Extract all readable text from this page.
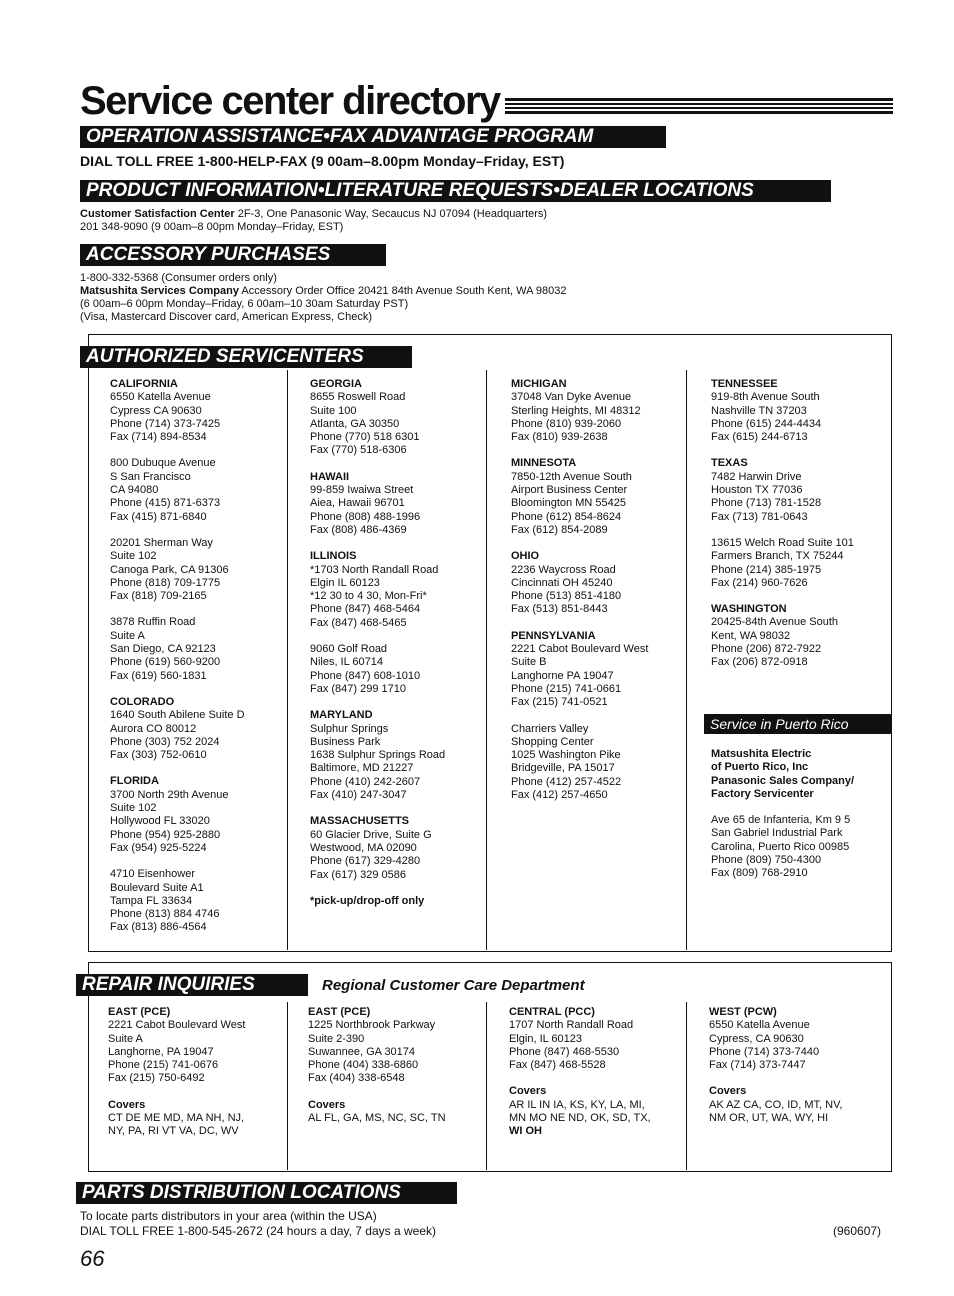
Service center directory
OPERATION ASSISTANCE•FAX ADVANTAGE PROGRAM
DIAL TOLL FREE 1-800-HELP-FAX (9 00am–8.00pm Monday–Friday, EST)
PRODUCT INFORMATION•LITERATURE REQUESTS•DEALER LOCATIONS
Customer Satisfaction Center 2F-3, One Panasonic Way, Secaucus NJ 07094 (Headquarters)
201 348-9090 (9 00am–8 00pm Monday–Friday, EST)
ACCESSORY PURCHASES
1-800-332-5368 (Consumer orders only)
Matsushita Services Company Accessory Order Office 20421 84th Avenue South Kent, WA 98032
(6 00am–6 00pm Monday–Friday, 6 00am–10 30am Saturday PST)
(Visa, Mastercard Discover card, American Express, Check)
AUTHORIZED SERVICENTERS
CALIFORNIA
6550 Katella Avenue
Cypress CA 90630
Phone (714) 373-7425
Fax (714) 894-8534
800 Dubuque Avenue
S San Francisco
CA 94080
Phone (415) 871-6373
Fax (415) 871-6840
20201 Sherman Way
Suite 102
Canoga Park, CA 91306
Phone (818) 709-1775
Fax (818) 709-2165
3878 Ruffin Road
Suite A
San Diego, CA 92123
Phone (619) 560-9200
Fax (619) 560-1831
COLORADO
1640 South Abilene Suite D
Aurora CO 80012
Phone (303) 752 2024
Fax (303) 752-0610
FLORIDA
3700 North 29th Avenue
Suite 102
Hollywood FL 33020
Phone (954) 925-2880
Fax (954) 925-5224
4710 Eisenhower
Boulevard Suite A1
Tampa FL 33634
Phone (813) 884 4746
Fax (813) 886-4564
GEORGIA
8655 Roswell Road
Suite 100
Atlanta, GA 30350
Phone (770) 518 6301
Fax (770) 518-6306
HAWAII
99-859 Iwaiwa Street
Aiea, Hawaii 96701
Phone (808) 488-1996
Fax (808) 486-4369
ILLINOIS
*1703 North Randall Road
Elgin IL 60123
*12 30 to 4 30, Mon-Fri*
Phone (847) 468-5464
Fax (847) 468-5465
9060 Golf Road
Niles, IL 60714
Phone (847) 608-1010
Fax (847) 299 1710
MARYLAND
Sulphur Springs
Business Park
1638 Sulphur Springs Road
Baltimore, MD 21227
Phone (410) 242-2607
Fax (410) 247-3047
MASSACHUSETTS
60 Glacier Drive, Suite G
Westwood, MA 02090
Phone (617) 329-4280
Fax (617) 329 0586
*pick-up/drop-off only
MICHIGAN
37048 Van Dyke Avenue
Sterling Heights, MI 48312
Phone (810) 939-2060
Fax (810) 939-2638
MINNESOTA
7850-12th Avenue South
Airport Business Center
Bloomington MN 55425
Phone (612) 854-8624
Fax (612) 854-2089
OHIO
2236 Waycross Road
Cincinnati OH 45240
Phone (513) 851-4180
Fax (513) 851-8443
PENNSYLVANIA
2221 Cabot Boulevard West
Suite B
Langhorne PA 19047
Phone (215) 741-0661
Fax (215) 741-0521
Charriers Valley
Shopping Center
1025 Washington Pike
Bridgeville, PA 15017
Phone (412) 257-4522
Fax (412) 257-4650
TENNESSEE
919-8th Avenue South
Nashville TN 37203
Phone (615) 244-4434
Fax (615) 244-6713
TEXAS
7482 Harwin Drive
Houston TX 77036
Phone (713) 781-1528
Fax (713) 781-0643
13615 Welch Road Suite 101
Farmers Branch, TX 75244
Phone (214) 385-1975
Fax (214) 960-7626
WASHINGTON
20425-84th Avenue South
Kent, WA 98032
Phone (206) 872-7922
Fax (206) 872-0918
Service in Puerto Rico
Matsushita Electric
of Puerto Rico, Inc
Panasonic Sales Company/
Factory Servicenter
Ave 65 de Infanteria, Km 9 5
San Gabriel Industrial Park
Carolina, Puerto Rico 00985
Phone (809) 750-4300
Fax (809) 768-2910
REPAIR INQUIRIES	Regional Customer Care Department
EAST (PCE)
2221 Cabot Boulevard West
Suite A
Langhorne, PA 19047
Phone (215) 741-0676
Fax (215) 750-6492
Covers
CT DE ME MD, MA NH, NJ,
NY, PA, RI VT VA, DC, WV
EAST (PCE)
1225 Northbrook Parkway
Suite 2-390
Suwannee, GA 30174
Phone (404) 338-6860
Fax (404) 338-6548
Covers
AL FL, GA, MS, NC, SC, TN
CENTRAL (PCC)
1707 North Randall Road
Elgin, IL 60123
Phone (847) 468-5530
Fax (847) 468-5528
Covers
AR IL IN IA, KS, KY, LA, MI,
MN MO NE ND, OK, SD, TX,
WI OH
WEST (PCW)
6550 Katella Avenue
Cypress, CA 90630
Phone (714) 373-7440
Fax (714) 373-7447
Covers
AK AZ CA, CO, ID, MT, NV,
NM OR, UT, WA, WY, HI
PARTS DISTRIBUTION LOCATIONS
To locate parts distributors in your area (within the USA)
DIAL TOLL FREE 1-800-545-2672 (24 hours a day, 7 days a week)	(960607)
66
